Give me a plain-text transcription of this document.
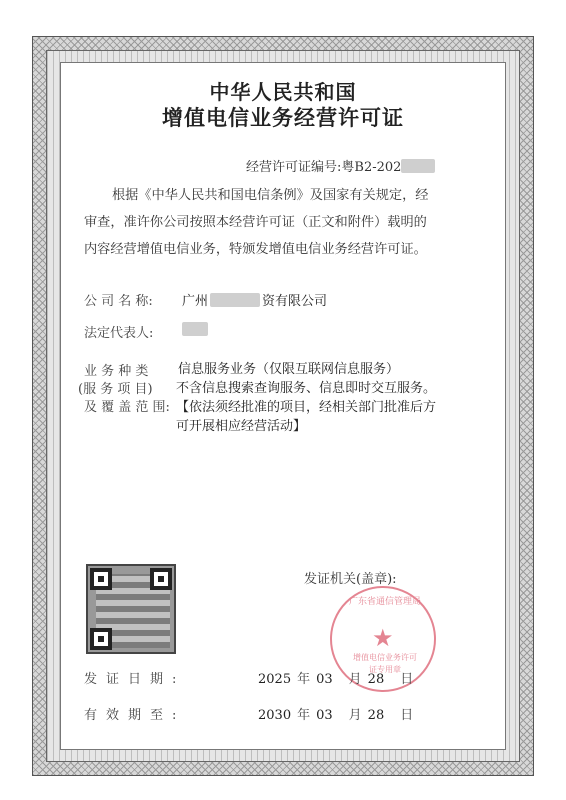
中华人民共和国
增值电信业务经营许可证
经营许可证编号: 粤B2-202
根据《中华人民共和国电信条例》及国家有关规定，经
审查，准许你公司按照本经营许可证（正文和附件）载明的
内容经营增值电信业务，特颁发增值电信业务经营许可证。
公 司 名 称: 广州	资有限公司
法定代表人:
业 务 种 类
(服 务 项 目)
及 覆 盖 范 围:
信息服务业务（仅限互联网信息服务）
不含信息搜索查询服务、信息即时交互服务。
【依法须经批准的项目，经相关部门批准后方
可开展相应经营活动】
发证机关(盖章):
广东省通信管理局
★
增值电信业务许可
证专用章
发证日期:	2025 年 03 月 28 日
有效期至:	2030 年 03 月 28 日
